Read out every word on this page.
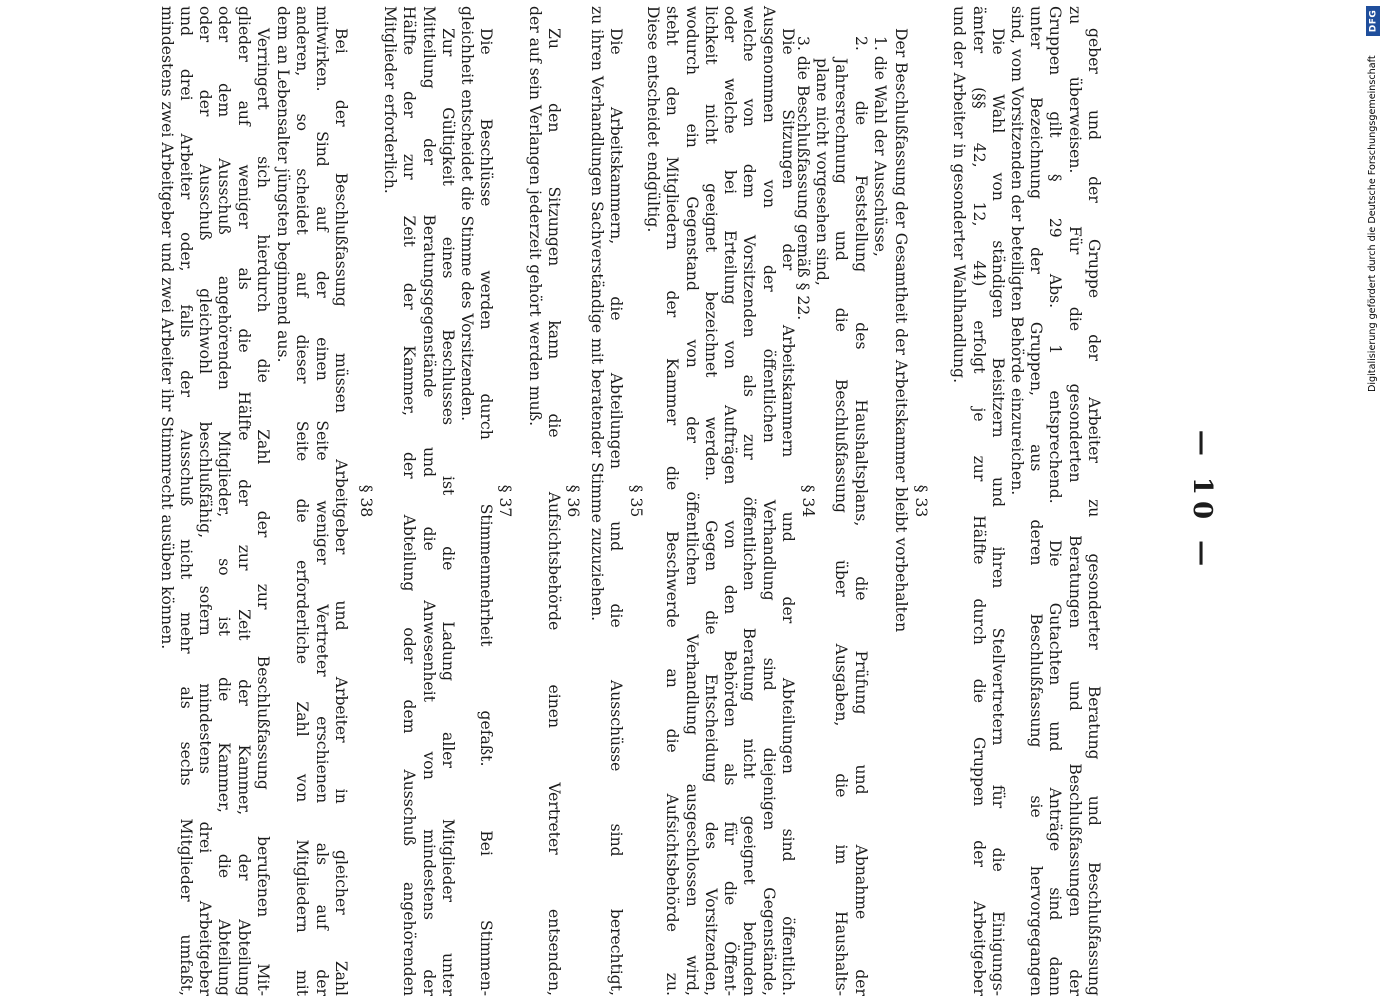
— 10 —
geber und der Gruppe der Arbeiter zu gesonderter Beratung und Beschlußfassung
zu überweisen. Für die gesonderten Beratungen und Beschlußfassungen der
Gruppen gilt § 29 Abs. 1 entsprechend. Die Gutachten und Anträge sind dann
unter Bezeichnung der Gruppen, aus deren Beschlußfassung sie hervorgegangen
sind, vom Vorsitzenden der beteiligten Behörde einzureichen.
Die Wahl von ständigen Beisitzern und ihren Stellvertretern für die Einigungs-
ämter (§§ 42, 12, 44) erfolgt je zur Hälfte durch die Gruppen der Arbeitgeber
und der Arbeiter in gesonderter Wahlhandlung.
§ 33
Der Beschlußfassung der Gesamtheit der Arbeitskammer bleibt vorbehalten
1. die Wahl der Ausschüsse,
2. die Feststellung des Haushaltsplans, die Prüfung und Abnahme der
Jahresrechnung und die Beschlußfassung über Ausgaben, die im Haushalts-
plane nicht vorgesehen sind,
3. die Beschlußfassung gemäß § 22.
§ 34
Die Sitzungen der Arbeitskammern und der Abteilungen sind öffentlich.
Ausgenommen von der öffentlichen Verhandlung sind diejenigen Gegenstände,
welche von dem Vorsitzenden als zur öffentlichen Beratung nicht geeignet befunden
oder welche bei Erteilung von Aufträgen von den Behörden als für die Öffent-
lichkeit nicht geeignet bezeichnet werden. Gegen die Entscheidung des Vorsitzenden,
wodurch ein Gegenstand von der öffentlichen Verhandlung ausgeschlossen wird,
steht den Mitgliedern der Kammer die Beschwerde an die Aufsichtsbehörde zu.
Diese entscheidet endgültig.
§ 35
Die Arbeitskammern, die Abteilungen und die Ausschüsse sind berechtigt,
zu ihren Verhandlungen Sachverständige mit beratender Stimme zuzuziehen.
§ 36
Zu den Sitzungen kann die Aufsichtsbehörde einen Vertreter entsenden,
der auf sein Verlangen jederzeit gehört werden muß.
§ 37
Die Beschlüsse werden durch Stimmenmehrheit gefaßt. Bei Stimmen-
gleichheit entscheidet die Stimme des Vorsitzenden.
Zur Gültigkeit eines Beschlusses ist die Ladung aller Mitglieder unter
Mitteilung der Beratungsgegenstände und die Anwesenheit von mindestens der
Hälfte der zur Zeit der Kammer, der Abteilung oder dem Ausschuß angehörenden
Mitglieder erforderlich.
§ 38
Bei der Beschlußfassung müssen Arbeitgeber und Arbeiter in gleicher Zahl
mitwirken. Sind auf der einen Seite weniger Vertreter erschienen als auf der
anderen, so scheidet auf dieser Seite die erforderliche Zahl von Mitgliedern mit
dem an Lebensalter jüngsten beginnend aus.
Verringert sich hierdurch die Zahl der zur Beschlußfassung berufenen Mit-
glieder auf weniger als die Hälfte der zur Zeit der Kammer, der Abteilung
oder dem Ausschuß angehörenden Mitglieder, so ist die Kammer, die Abteilung
oder der Ausschuß gleichwohl beschlußfähig, sofern mindestens drei Arbeitgeber
und drei Arbeiter oder, falls der Ausschuß nicht mehr als sechs Mitglieder umfaßt,
mindestens zwei Arbeitgeber und zwei Arbeiter ihr Stimmrecht ausüben können.	DFG
Digitalisierung gefördert durch die Deutsche Forschungsgemeinschaft
